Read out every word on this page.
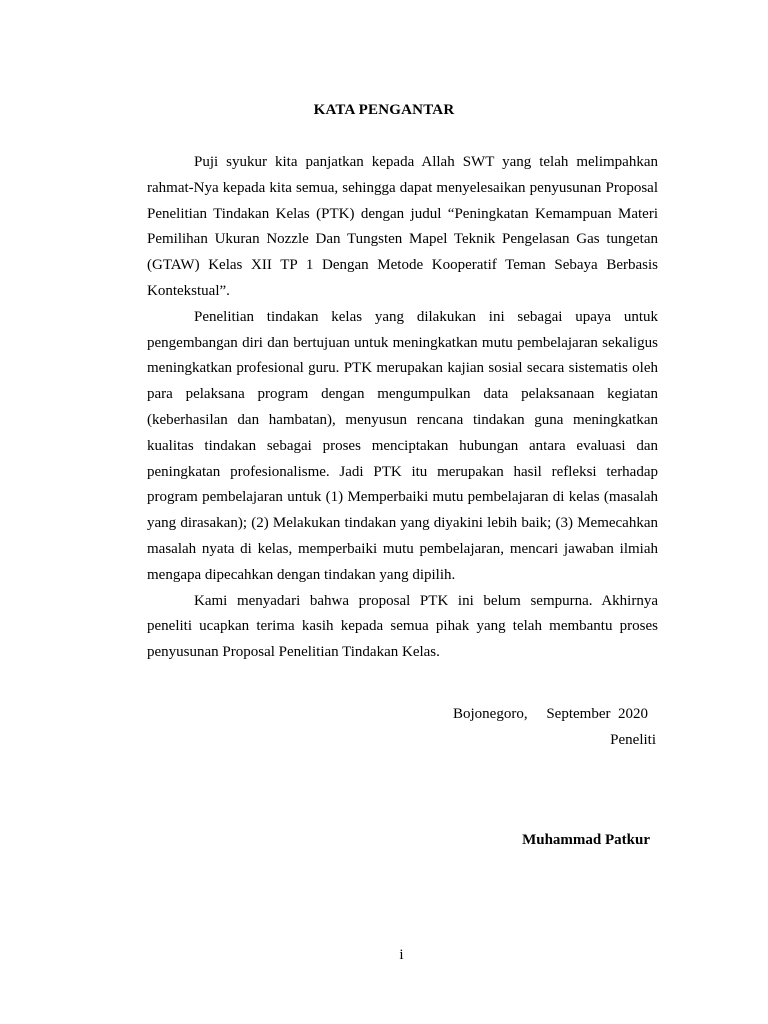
KATA PENGANTAR

Puji syukur kita panjatkan kepada Allah SWT yang telah melimpahkan rahmat-Nya kepada kita semua, sehingga dapat menyelesaikan penyusunan Proposal Penelitian Tindakan Kelas (PTK) dengan judul “Peningkatan Kemampuan Materi Pemilihan Ukuran Nozzle Dan Tungsten Mapel Teknik Pengelasan Gas tungetan (GTAW) Kelas XII TP 1 Dengan Metode Kooperatif Teman Sebaya Berbasis Kontekstual”.

Penelitian tindakan kelas yang dilakukan ini sebagai upaya untuk pengembangan diri dan bertujuan untuk meningkatkan mutu pembelajaran sekaligus meningkatkan profesional guru. PTK merupakan kajian sosial secara sistematis oleh para pelaksana program dengan mengumpulkan data pelaksanaan kegiatan (keberhasilan dan hambatan), menyusun rencana tindakan guna meningkatkan kualitas tindakan sebagai proses menciptakan hubungan antara evaluasi dan peningkatan profesionalisme. Jadi PTK itu merupakan hasil refleksi terhadap program pembelajaran untuk (1) Memperbaiki mutu pembelajaran di kelas (masalah yang dirasakan); (2) Melakukan tindakan yang diyakini lebih baik; (3) Memecahkan masalah nyata di kelas, memperbaiki mutu pembelajaran, mencari jawaban ilmiah mengapa dipecahkan dengan tindakan yang dipilih.

Kami menyadari bahwa proposal PTK ini belum sempurna. Akhirnya peneliti ucapkan terima kasih kepada semua pihak yang telah membantu proses penyusunan Proposal Penelitian Tindakan Kelas.

Bojonegoro,     September  2020
Peneliti
Muhammad Patkur
i
